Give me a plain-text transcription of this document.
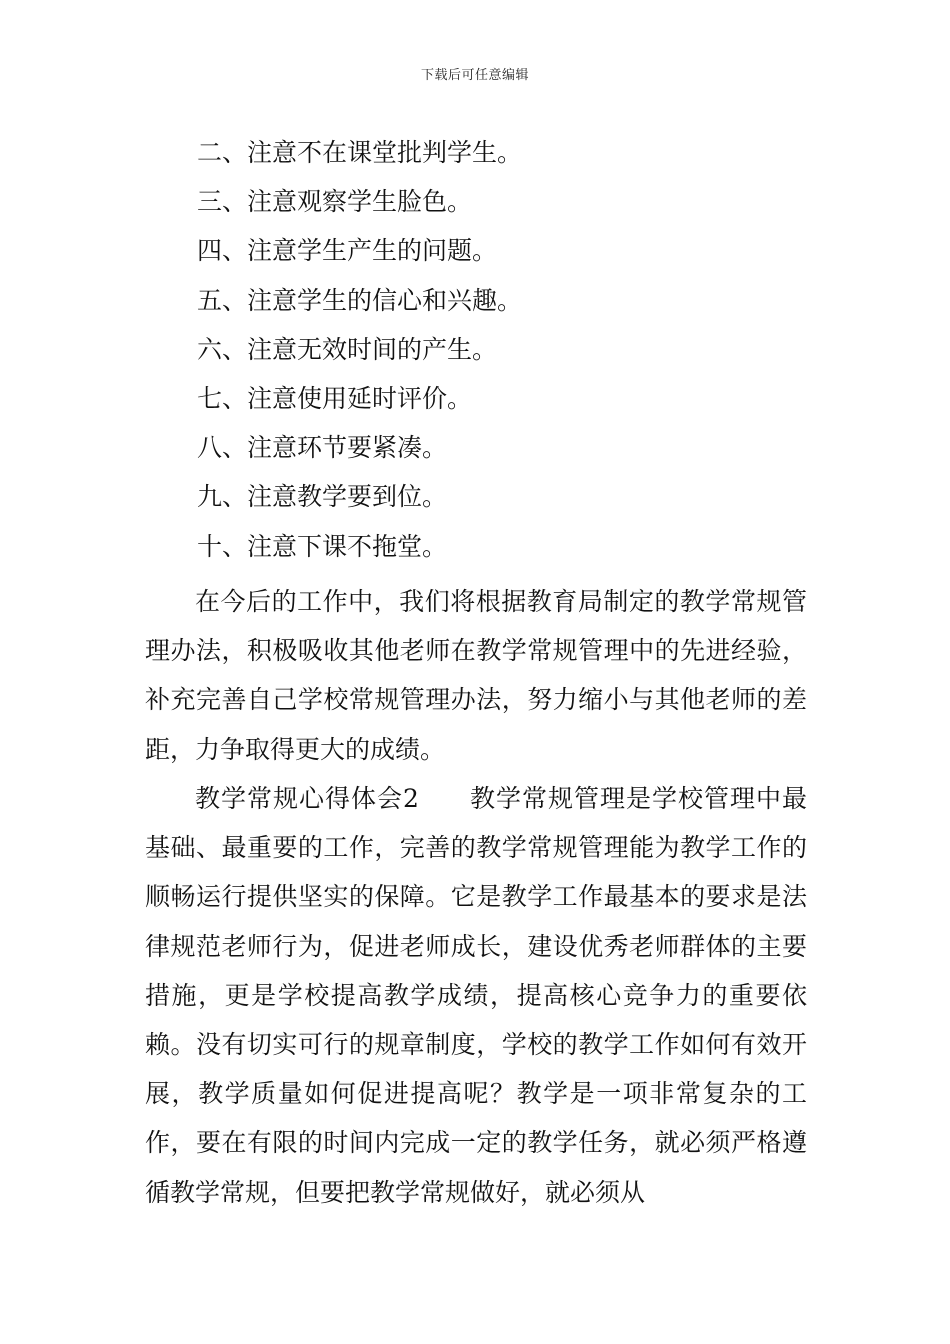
下载后可任意编辑
二、注意不在课堂批判学生。
三、注意观察学生脸色。
四、注意学生产生的问题。
五、注意学生的信心和兴趣。
六、注意无效时间的产生。
七、注意使用延时评价。
八、注意环节要紧凑。
九、注意教学要到位。
十、注意下课不拖堂。

在今后的工作中，我们将根据教育局制定的教学常规管理办法，积极吸收其他老师在教学常规管理中的先进经验，补充完善自己学校常规管理办法，努力缩小与其他老师的差距，力争取得更大的成绩。

教学常规心得体会2 教学常规管理是学校管理中最基础、最重要的工作，完善的教学常规管理能为教学工作的顺畅运行提供坚实的保障。它是教学工作最基本的要求是法律规范老师行为，促进老师成长，建设优秀老师群体的主要措施，更是学校提高教学成绩，提高核心竞争力的重要依赖。没有切实可行的规章制度，学校的教学工作如何有效开展，教学质量如何促进提高呢？教学是一项非常复杂的工作，要在有限的时间内完成一定的教学任务，就必须严格遵循教学常规，但要把教学常规做好，就必须从
